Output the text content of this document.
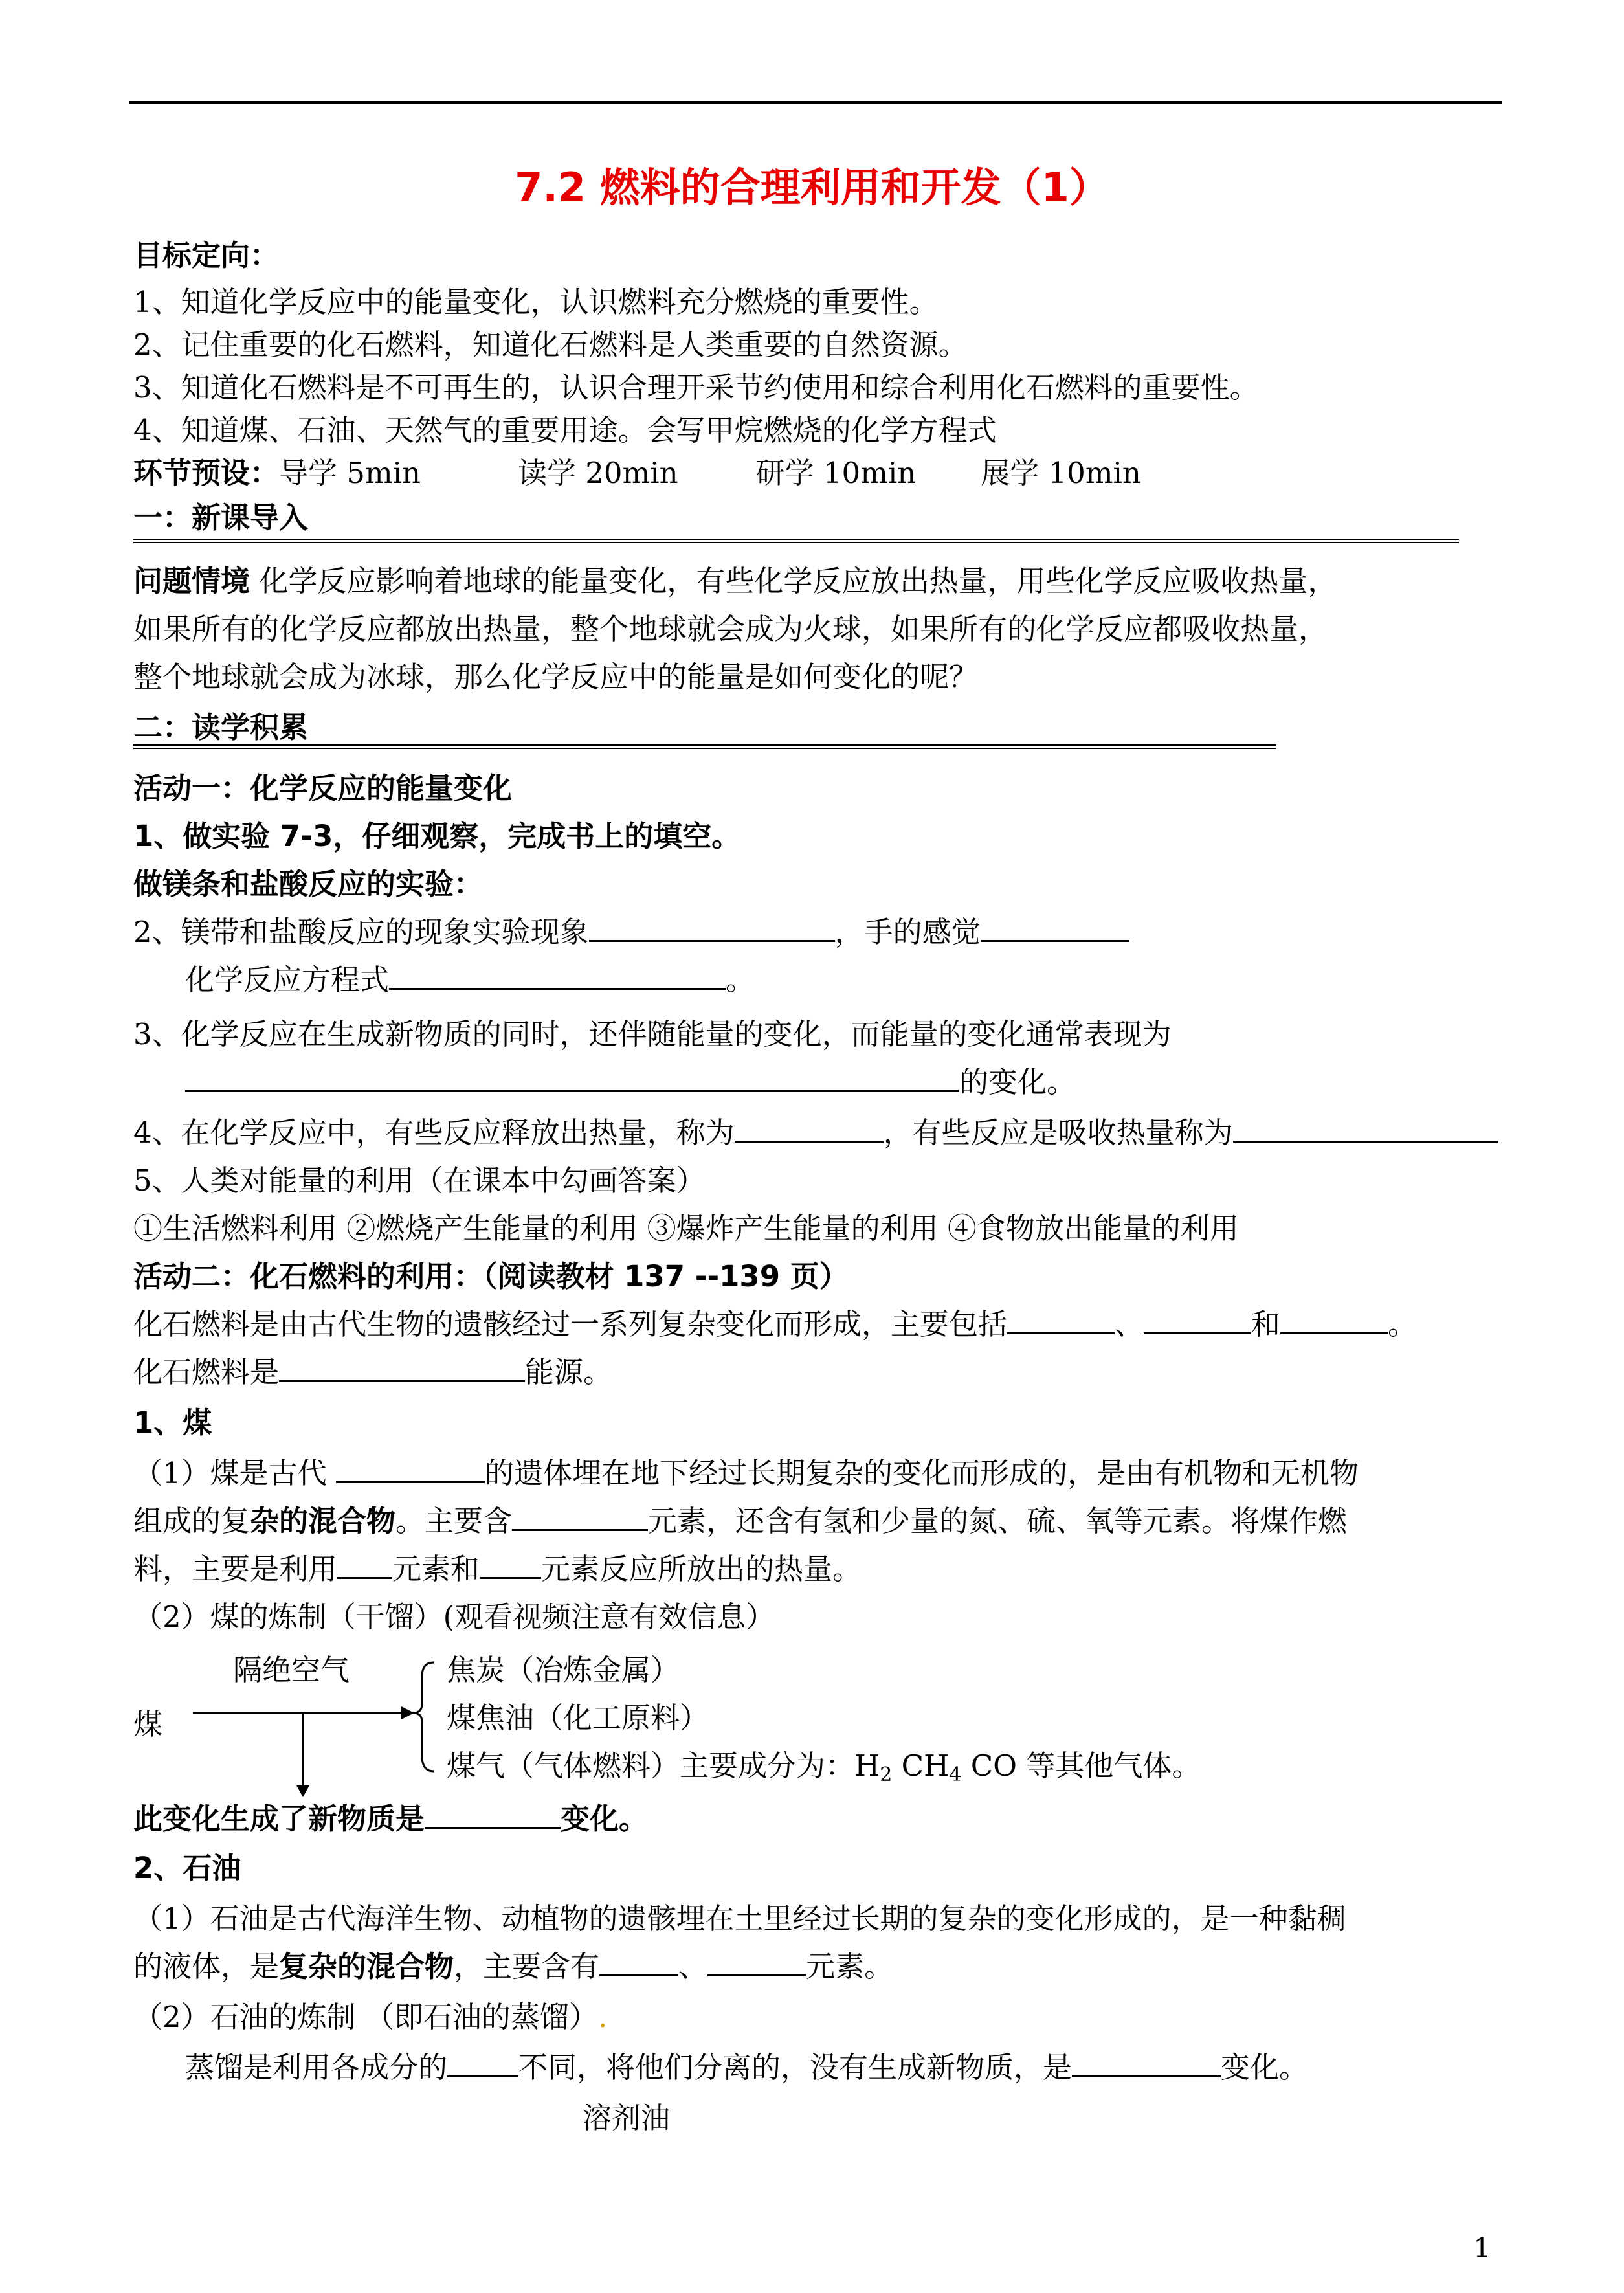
7.2 燃料的合理利用和开发（1）
目标定向：
1、知道化学反应中的能量变化，认识燃料充分燃烧的重要性。
2、记住重要的化石燃料，知道化石燃料是人类重要的自然资源。
3、知道化石燃料是不可再生的，认识合理开采节约使用和综合利用化石燃料的重要性。
4、知道煤、石油、天然气的重要用途。会写甲烷燃烧的化学方程式
环节预设：导学 5min	读学 20min	研学 10min 展学 10min
一：新课导入
问题情境 化学反应影响着地球的能量变化，有些化学反应放出热量，用些化学反应吸收热量，
如果所有的化学反应都放出热量，整个地球就会成为火球，如果所有的化学反应都吸收热量，
整个地球就会成为冰球，那么化学反应中的能量是如何变化的呢？
二：读学积累
活动一：化学反应的能量变化
1、做实验 7-3，仔细观察，完成书上的填空。
做镁条和盐酸反应的实验：
2、镁带和盐酸反应的现象实验现象	，手的感觉
化学反应方程式	。
3、化学反应在生成新物质的同时，还伴随能量的变化，而能量的变化通常表现为
的变化。
4、在化学反应中，有些反应释放出热量，称为	，有些反应是吸收热量称为
5、人类对能量的利用（在课本中勾画答案）
①生活燃料利用 ②燃烧产生能量的利用 ③爆炸产生能量的利用 ④食物放出能量的利用
活动二：化石燃料的利用：（阅读教材 137 --139 页）
化石燃料是由古代生物的遗骸经过一系列复杂变化而形成，主要包括	、	和	。
化石燃料是	能源。
1、煤
（1）煤是古代	的遗体埋在地下经过长期复杂的变化而形成的，是由有机物和无机物
组成的复杂的混合物。主要含	元素，还含有氢和少量的氮、硫、氧等元素。将煤作燃
料，主要是利用 元素和 元素反应所放出的热量。
（2）煤的炼制（干馏）(观看视频注意有效信息）
隔绝空气
煤
焦炭（冶炼金属）
煤焦油（化工原料）
煤气（气体燃料）主要成分为：$H_2$ $CH_4$ CO 等其他气体。
此变化生成了新物质是	变化。
2、石油
（1）石油是古代海洋生物、动植物的遗骸埋在土里经过长期的复杂的变化形成的，是一种黏稠
的液体，是复杂的混合物，主要含有	、	元素。
（2）石油的炼制 （即石油的蒸馏）.
蒸馏是利用各成分的 不同，将他们分离的，没有生成新物质，是	变化。
溶剂油
1
